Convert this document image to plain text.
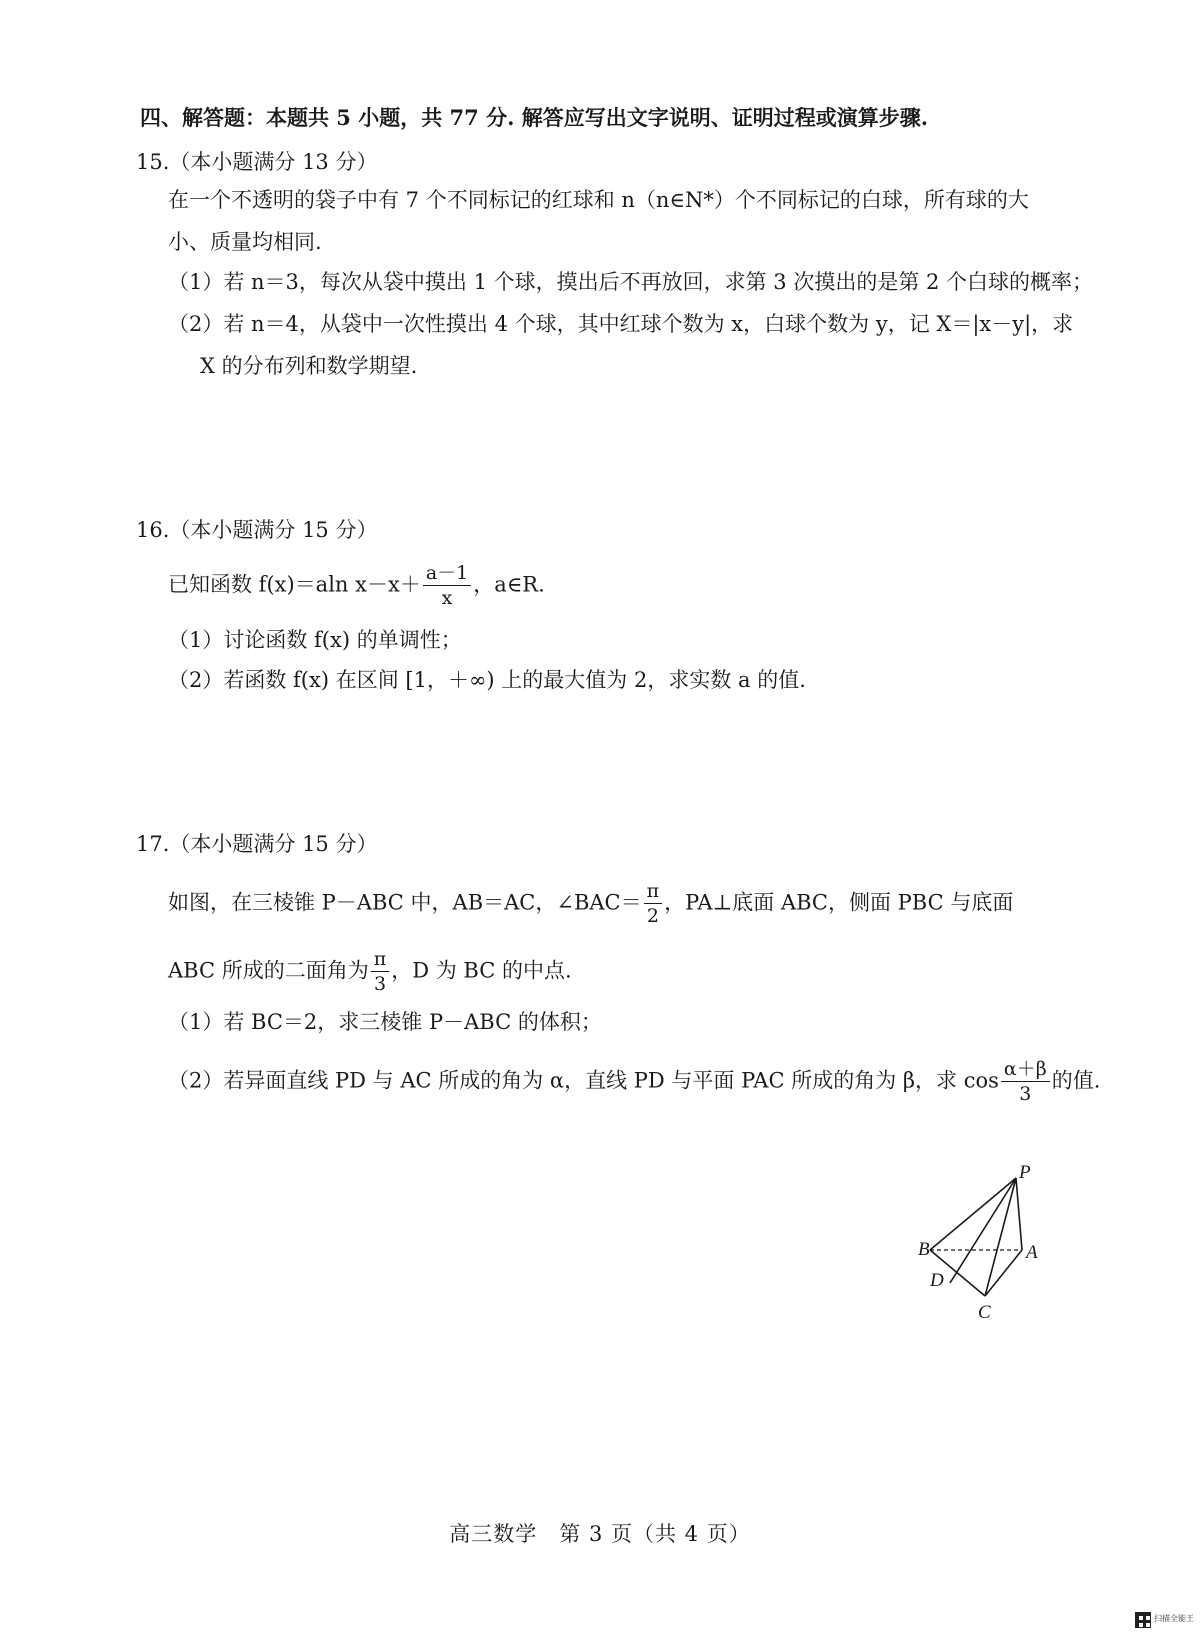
四、解答题：本题共 5 小题，共 77 分. 解答应写出文字说明、证明过程或演算步骤.
15.（本小题满分 13 分）
在一个不透明的袋子中有 7 个不同标记的红球和 n（n∈N*）个不同标记的白球，所有球的大
小、质量均相同.
（1）若 n＝3，每次从袋中摸出 1 个球，摸出后不再放回，求第 3 次摸出的是第 2 个白球的概率；
（2）若 n＝4，从袋中一次性摸出 4 个球，其中红球个数为 x，白球个数为 y，记 X＝|x－y|，求
X 的分布列和数学期望.
16.（本小题满分 15 分）
已知函数 f(x)＝aln $x-x+ \frac{a-1}{x}$ ，a∈R.
（1）讨论函数 f(x) 的单调性；
（2）若函数 f(x) 在区间 [1，＋∞) 上的最大值为 2，求实数 a 的值.
17.（本小题满分 15 分）
如图，在三棱锥 P－ABC 中，AB＝AC，∠BAC＝ $\frac{\pi}{2}$ ，PA⊥底面 ABC，侧面 PBC 与底面
ABC 所成的二面角为 $\frac{\pi}{3}$ ，D 为 BC 的中点.
（1）若 BC＝2，求三棱锥 P－ABC 的体积；
（2）若异面直线 PD 与 AC 所成的角为 α，直线 PD 与平面 PAC 所成的角为 β，求 $\cos \frac{\alpha+\beta}{3}$ 的值.
P
B	A
D
C
高三数学　第 3 页（共 4 页）
扫描全能王
